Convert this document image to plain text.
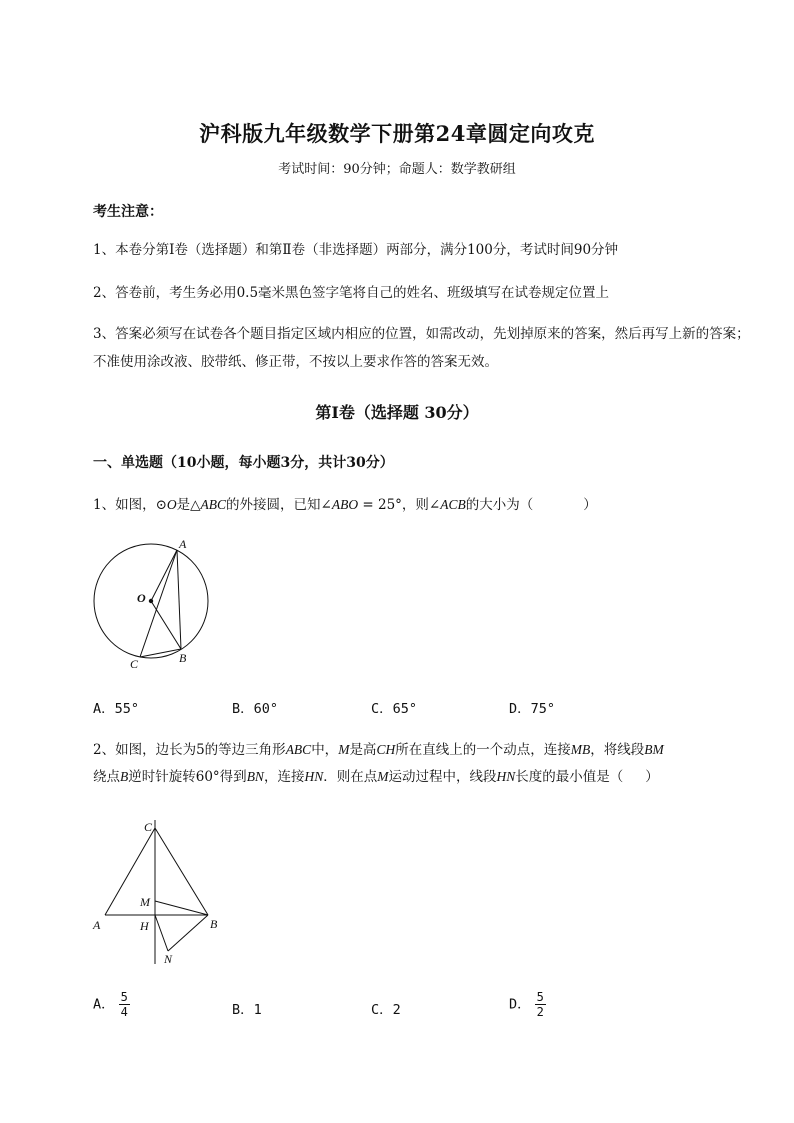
沪科版九年级数学下册第24章圆定向攻克
考试时间：90分钟；命题人：数学教研组
考生注意：
1、本卷分第I卷（选择题）和第Ⅱ卷（非选择题）两部分，满分100分，考试时间90分钟
2、答卷前，考生务必用0.5毫米黑色签字笔将自己的姓名、班级填写在试卷规定位置上
3、答案必须写在试卷各个题目指定区域内相应的位置，如需改动，先划掉原来的答案，然后再写上新的答案；不准使用涂改液、胶带纸、修正带，不按以上要求作答的答案无效。
第I卷（选择题 30分）
一、单选题（10小题，每小题3分，共计30分）
1、如图，⊙O是△ABC的外接圆，已知∠ABO = 25°，则∠ACB的大小为（	）
A
O
B
C
A．55°	B．60°	C．65°	D．75°
2、如图，边长为5的等边三角形ABC中，M是高CH所在直线上的一个动点，连接MB，将线段BM
绕点B逆时针旋转60°得到BN，连接HN．则在点M运动过程中，线段HN长度的最小值是（ ）
C
M
A	H	B
N
A． $\frac{5}{4}$	B．1	C．2	D． $\frac{5}{2}$
